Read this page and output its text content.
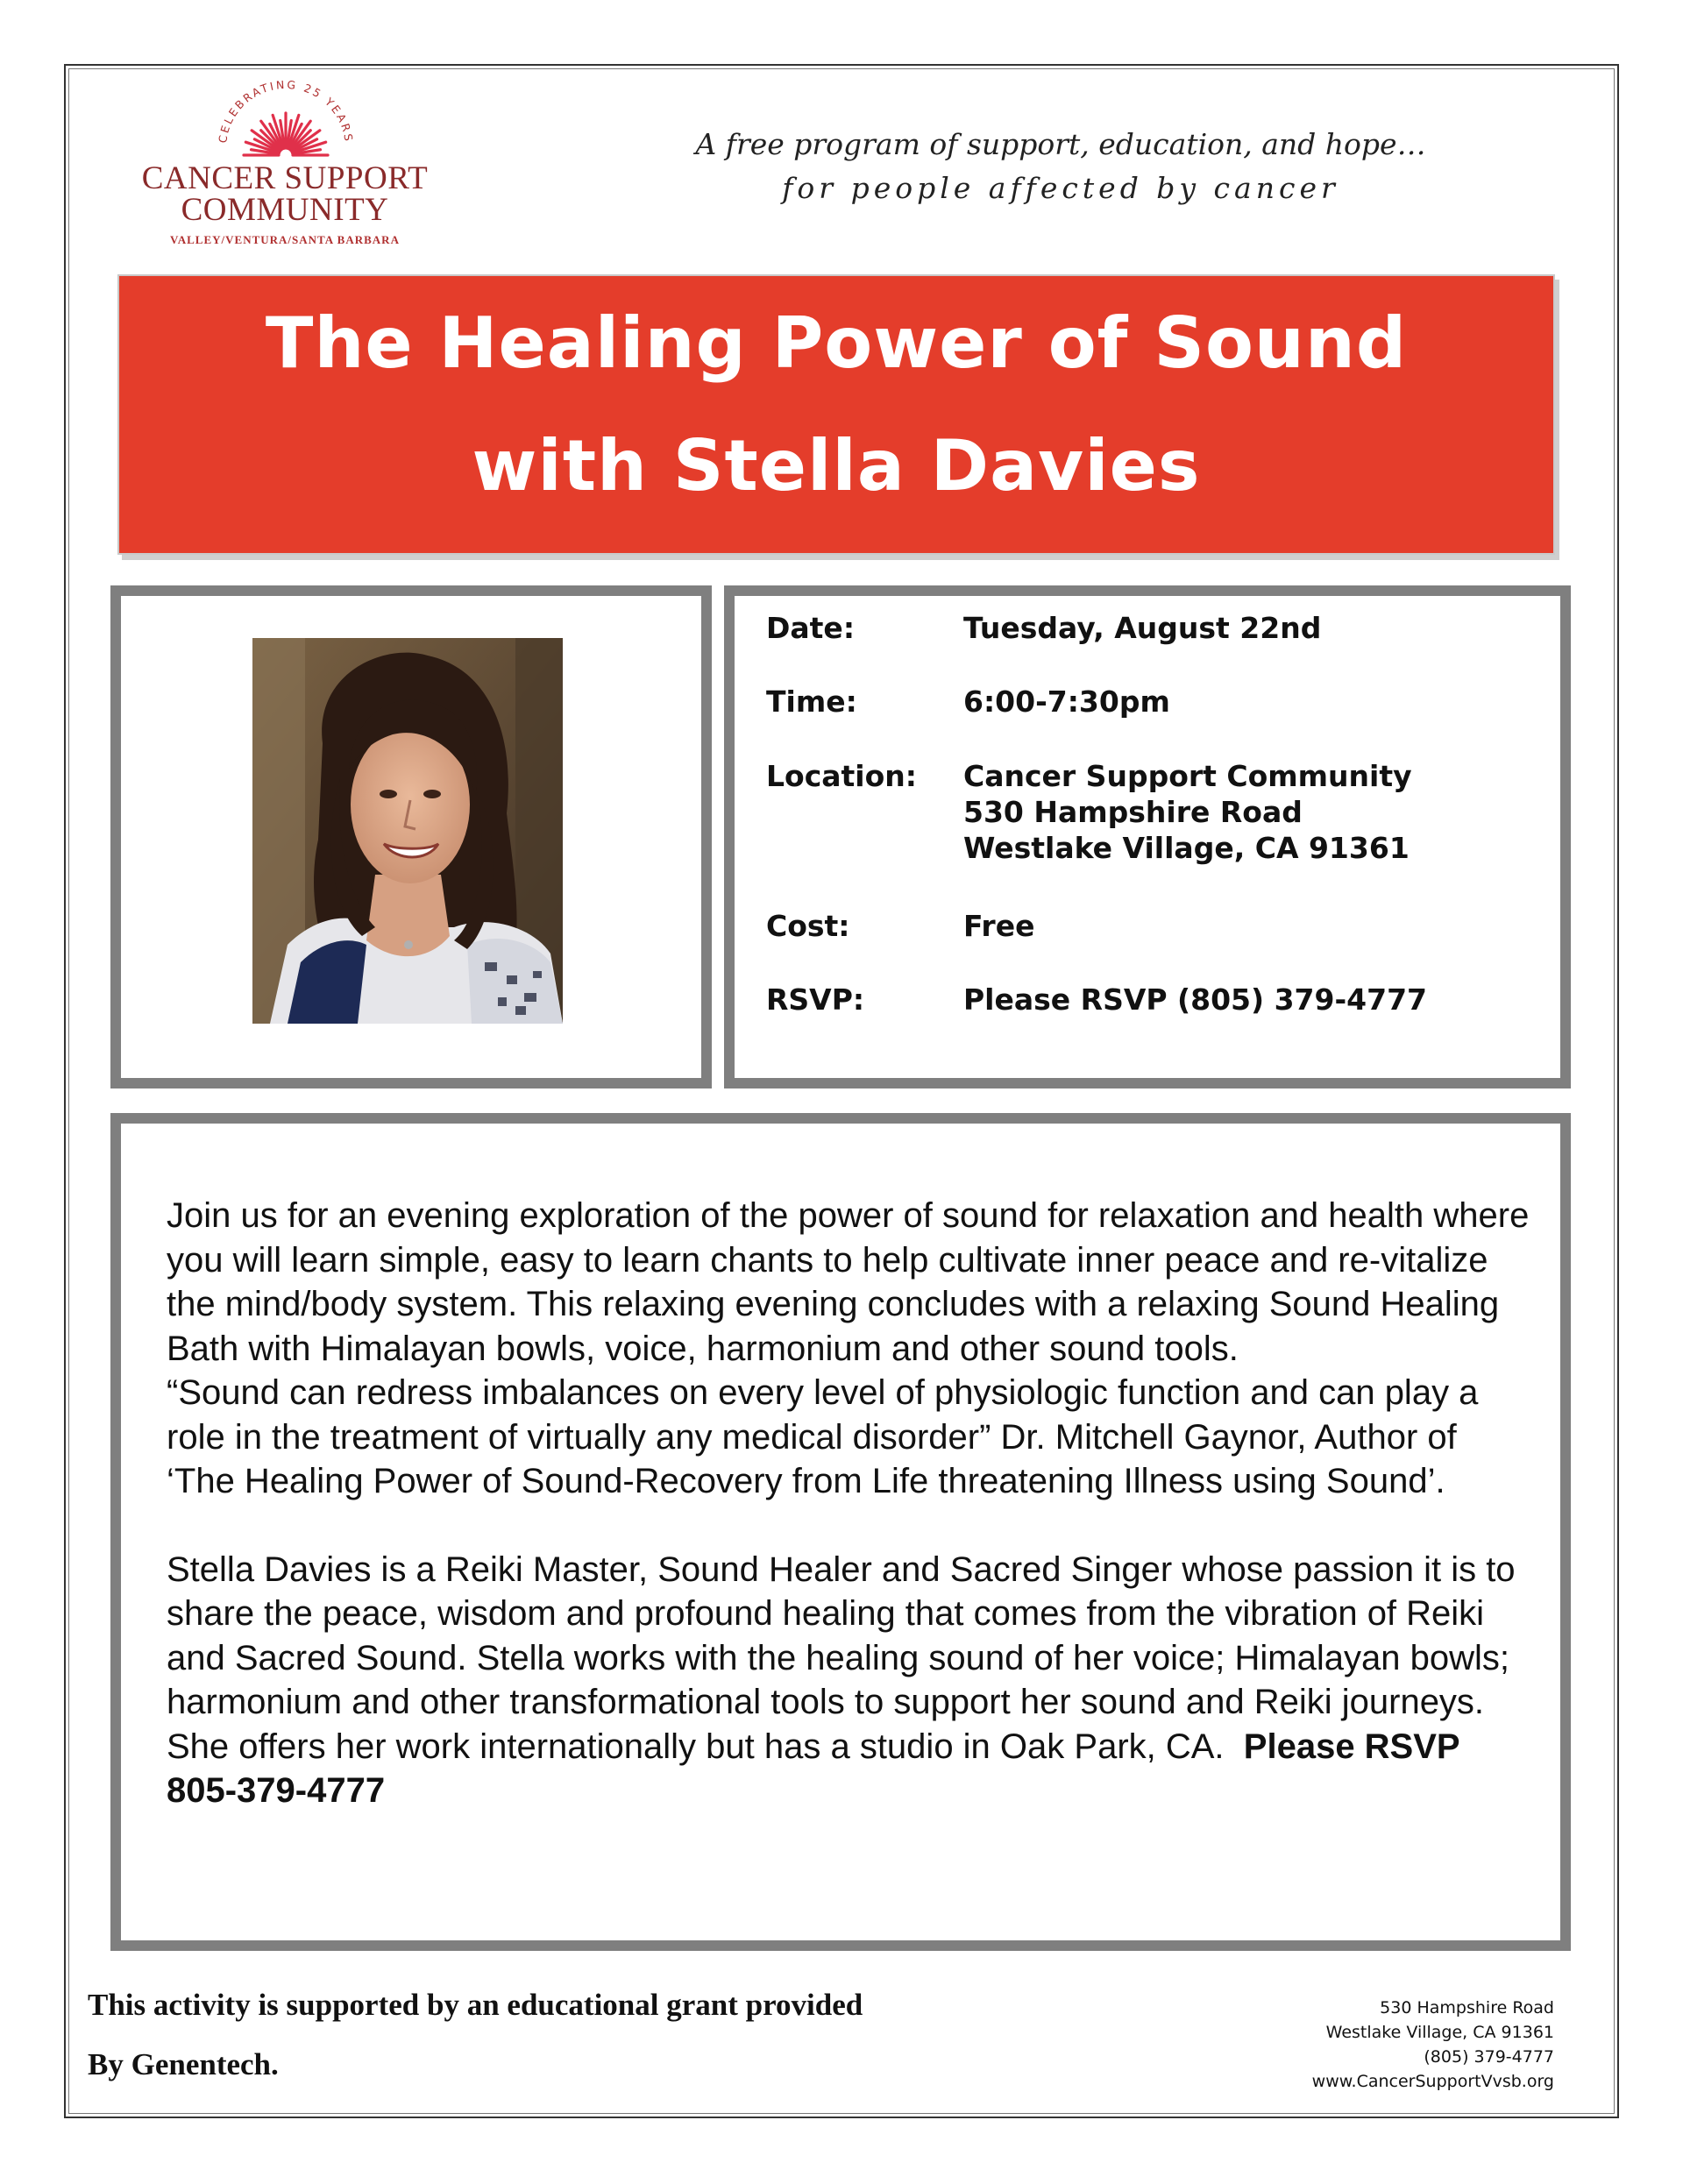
CELEBRATING 25 YEARS
CANCER SUPPORT
COMMUNITY
VALLEY/VENTURA/SANTA BARBARA
A free program of support, education, and hope…
for people affected by cancer
The Healing Power of Sound
with Stella Davies
Date:	Tuesday, August 22nd
Time:	6:00-7:30pm
Location:	Cancer Support Community
530 Hampshire Road
Westlake Village, CA 91361
Cost:	Free
RSVP:	Please RSVP (805) 379-4777

Join us for an evening exploration of the power of sound for relaxation and health where you will learn simple, easy to learn chants to help cultivate inner peace and re-vitalize the mind/body system. This relaxing evening concludes with a relaxing Sound Healing Bath with Himalayan bowls, voice, harmonium and other sound tools.

“Sound can redress imbalances on every level of physiologic function and can play a role in the treatment of virtually any medical disorder” Dr. Mitchell Gaynor, Author of ‘The Healing Power of Sound-Recovery from Life threatening Illness using Sound’.

Stella Davies is a Reiki Master, Sound Healer and Sacred Singer whose passion it is to share the peace, wisdom and profound healing that comes from the vibration of Reiki and Sacred Sound. Stella works with the healing sound of her voice; Himalayan bowls; harmonium and other transformational tools to support her sound and Reiki journeys. She offers her work internationally but has a studio in Oak Park, CA. Please RSVP 805-379-4777

This activity is supported by an educational grant provided
By Genentech.
530 Hampshire Road
Westlake Village, CA 91361
(805) 379-4777
www.CancerSupportVvsb.org
